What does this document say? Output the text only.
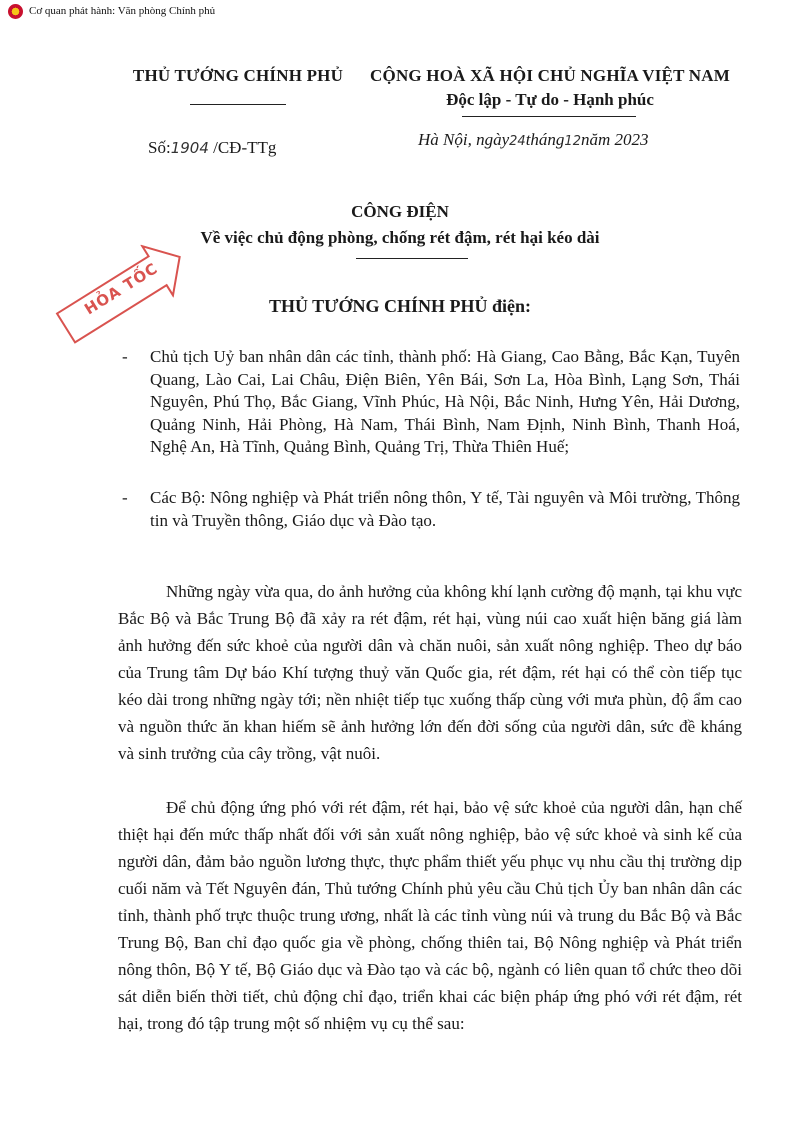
★ Cơ quan phát hành: Văn phòng Chính phủ
THỦ TƯỚNG CHÍNH PHỦ	CỘNG HOÀ XÃ HỘI CHỦ NGHĨA VIỆT NAM
Độc lập - Tự do - Hạnh phúc
Số:1904 /CĐ-TTg	Hà Nội, ngày24tháng12năm 2023
CÔNG ĐIỆN
Về việc chủ động phòng, chống rét đậm, rét hại kéo dài
HỎA TỐC	THỦ TƯỚNG CHÍNH PHỦ điện:
- Chủ tịch Uỷ ban nhân dân các tỉnh, thành phố: Hà Giang, Cao Bằng, Bắc Kạn, Tuyên Quang, Lào Cai, Lai Châu, Điện Biên, Yên Bái, Sơn La, Hòa Bình, Lạng Sơn, Thái Nguyên, Phú Thọ, Bắc Giang, Vĩnh Phúc, Hà Nội, Bắc Ninh, Hưng Yên, Hải Dương, Quảng Ninh, Hải Phòng, Hà Nam, Thái Bình, Nam Định, Ninh Bình, Thanh Hoá, Nghệ An, Hà Tĩnh, Quảng Bình, Quảng Trị, Thừa Thiên Huế;
- Các Bộ: Nông nghiệp và Phát triển nông thôn, Y tế, Tài nguyên và Môi trường, Thông tin và Truyền thông, Giáo dục và Đào tạo.
Những ngày vừa qua, do ảnh hưởng của không khí lạnh cường độ mạnh, tại khu vực Bắc Bộ và Bắc Trung Bộ đã xảy ra rét đậm, rét hại, vùng núi cao xuất hiện băng giá làm ảnh hưởng đến sức khoẻ của người dân và chăn nuôi, sản xuất nông nghiệp. Theo dự báo của Trung tâm Dự báo Khí tượng thuỷ văn Quốc gia, rét đậm, rét hại có thể còn tiếp tục kéo dài trong những ngày tới; nền nhiệt tiếp tục xuống thấp cùng với mưa phùn, độ ẩm cao và nguồn thức ăn khan hiếm sẽ ảnh hưởng lớn đến đời sống của người dân, sức đề kháng và sinh trưởng của cây trồng, vật nuôi.
Để chủ động ứng phó với rét đậm, rét hại, bảo vệ sức khoẻ của người dân, hạn chế thiệt hại đến mức thấp nhất đối với sản xuất nông nghiệp, bảo vệ sức khoẻ và sinh kế của người dân, đảm bảo nguồn lương thực, thực phẩm thiết yếu phục vụ nhu cầu thị trường dịp cuối năm và Tết Nguyên đán, Thủ tướng Chính phủ yêu cầu Chủ tịch Ủy ban nhân dân các tỉnh, thành phố trực thuộc trung ương, nhất là các tỉnh vùng núi và trung du Bắc Bộ và Bắc Trung Bộ, Ban chỉ đạo quốc gia về phòng, chống thiên tai, Bộ Nông nghiệp và Phát triển nông thôn, Bộ Y tế, Bộ Giáo dục và Đào tạo và các bộ, ngành có liên quan tổ chức theo dõi sát diễn biến thời tiết, chủ động chỉ đạo, triển khai các biện pháp ứng phó với rét đậm, rét hại, trong đó tập trung một số nhiệm vụ cụ thể sau:
